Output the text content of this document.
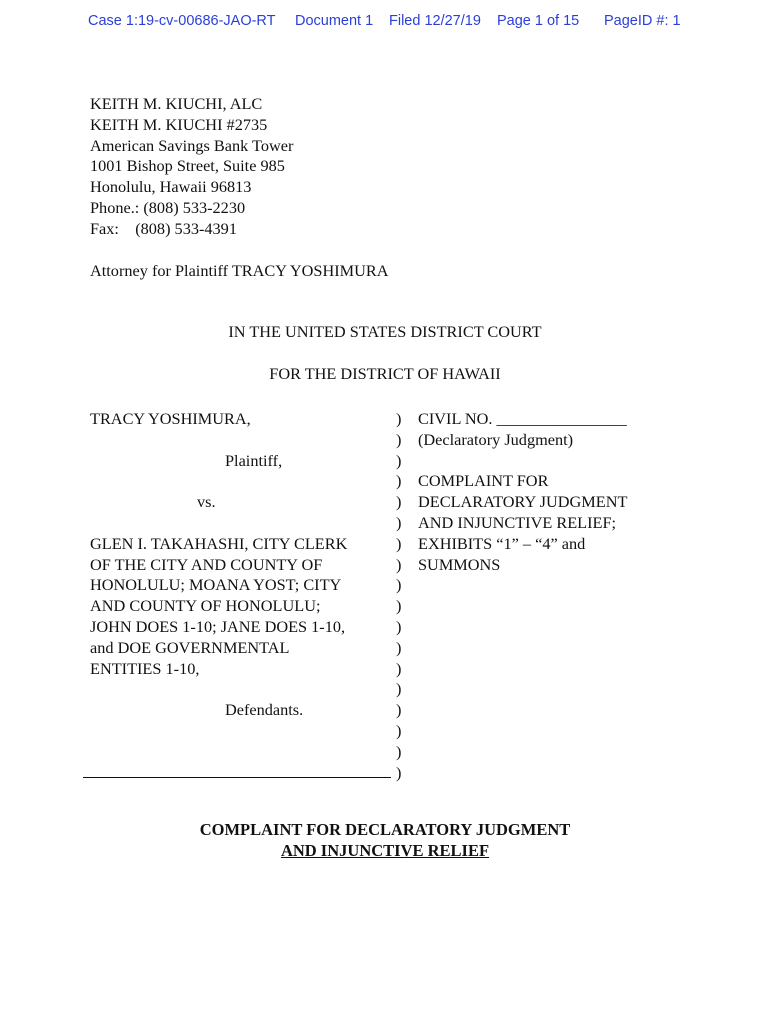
Case 1:19-cv-00686-JAO-RT Document 1 Filed 12/27/19 Page 1 of 15 PageID #: 1
KEITH M. KIUCHI, ALC
KEITH M. KIUCHI #2735
American Savings Bank Tower
1001 Bishop Street, Suite 985
Honolulu, Hawaii 96813
Phone.: (808) 533-2230
Fax:    (808) 533-4391
Attorney for Plaintiff TRACY YOSHIMURA
IN THE UNITED STATES DISTRICT COURT
FOR THE DISTRICT OF HAWAII
TRACY YOSHIMURA,

Plaintiff,

vs.

GLEN I. TAKAHASHI, CITY CLERK
OF THE CITY AND COUNTY OF
HONOLULU; MOANA YOST; CITY
AND COUNTY OF HONOLULU;
JOHN DOES 1-10; JANE DOES 1-10,
and DOE GOVERNMENTAL
ENTITIES 1-10,

Defendants.
)
)
)
)
)
)
)
)
)
)
)
)
)
)
)
)
)
)
CIVIL NO. ________________
(Declaratory Judgment)

COMPLAINT FOR
DECLARATORY JUDGMENT
AND INJUNCTIVE RELIEF;
EXHIBITS “1” – “4” and
SUMMONS
COMPLAINT FOR DECLARATORY JUDGMENT
AND INJUNCTIVE RELIEF
